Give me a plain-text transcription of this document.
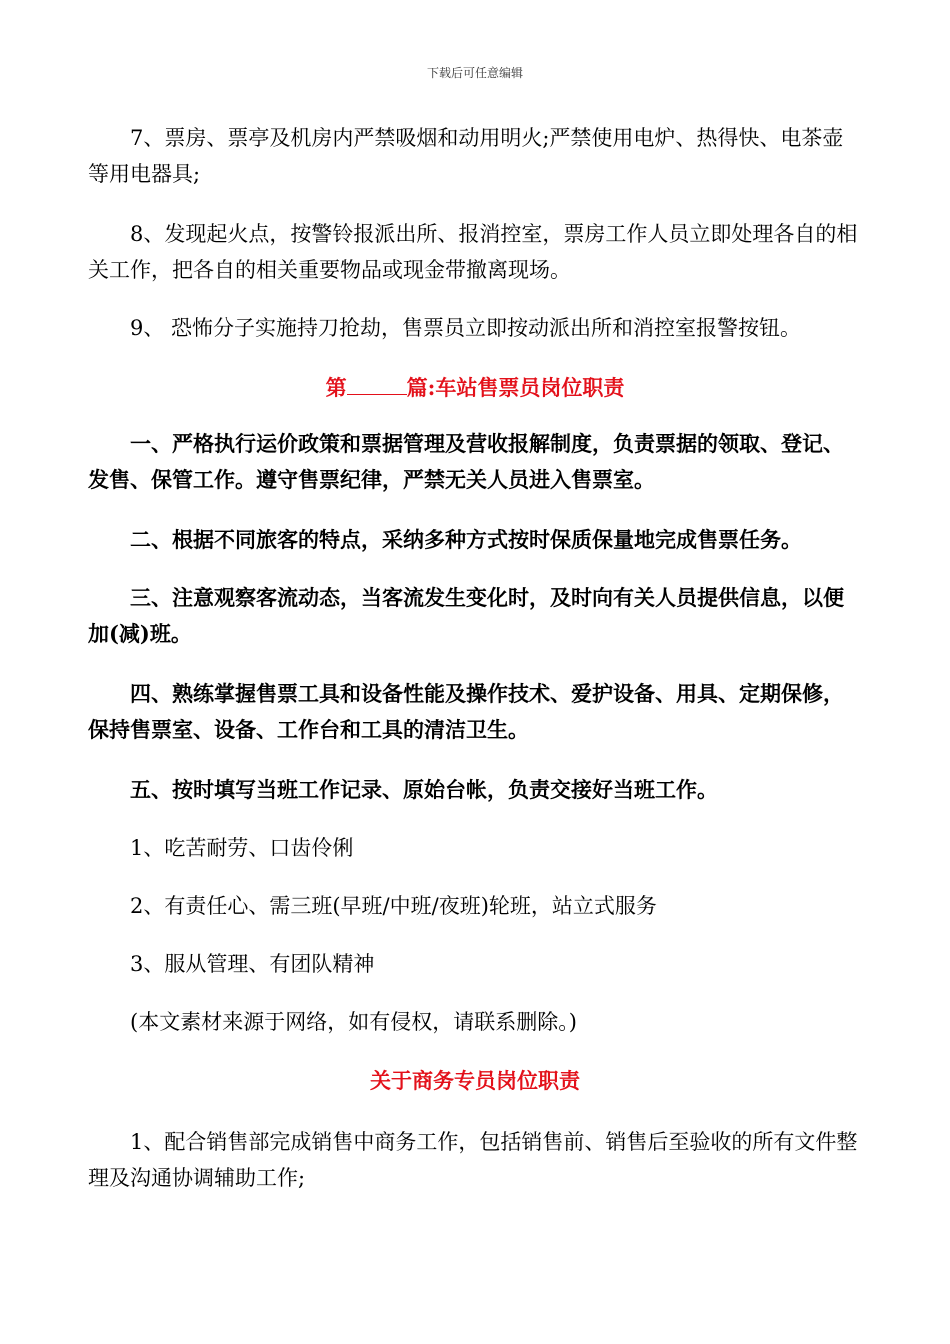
下载后可任意编辑

7、票房、票亭及机房内严禁吸烟和动用明火;严禁使用电炉、热得快、电茶壶等用电器具;

8、发现起火点，按警铃报派出所、报消控室，票房工作人员立即处理各自的相关工作，把各自的相关重要物品或现金带撤离现场。

9、 恐怖分子实施持刀抢劫，售票员立即按动派出所和消控室报警按钮。

第	篇:车站售票员岗位职责

一、严格执行运价政策和票据管理及营收报解制度，负责票据的领取、登记、发售、保管工作。遵守售票纪律，严禁无关人员进入售票室。

二、根据不同旅客的特点，采纳多种方式按时保质保量地完成售票任务。

三、注意观察客流动态，当客流发生变化时，及时向有关人员提供信息，以便加(减)班。

四、熟练掌握售票工具和设备性能及操作技术、爱护设备、用具、定期保修，保持售票室、设备、工作台和工具的清洁卫生。

五、按时填写当班工作记录、原始台帐，负责交接好当班工作。

1、吃苦耐劳、口齿伶俐

2、有责任心、需三班(早班/中班/夜班)轮班，站立式服务

3、服从管理、有团队精神

(本文素材来源于网络，如有侵权，请联系删除。)

关于商务专员岗位职责

1、配合销售部完成销售中商务工作，包括销售前、销售后至验收的所有文件整理及沟通协调辅助工作;
